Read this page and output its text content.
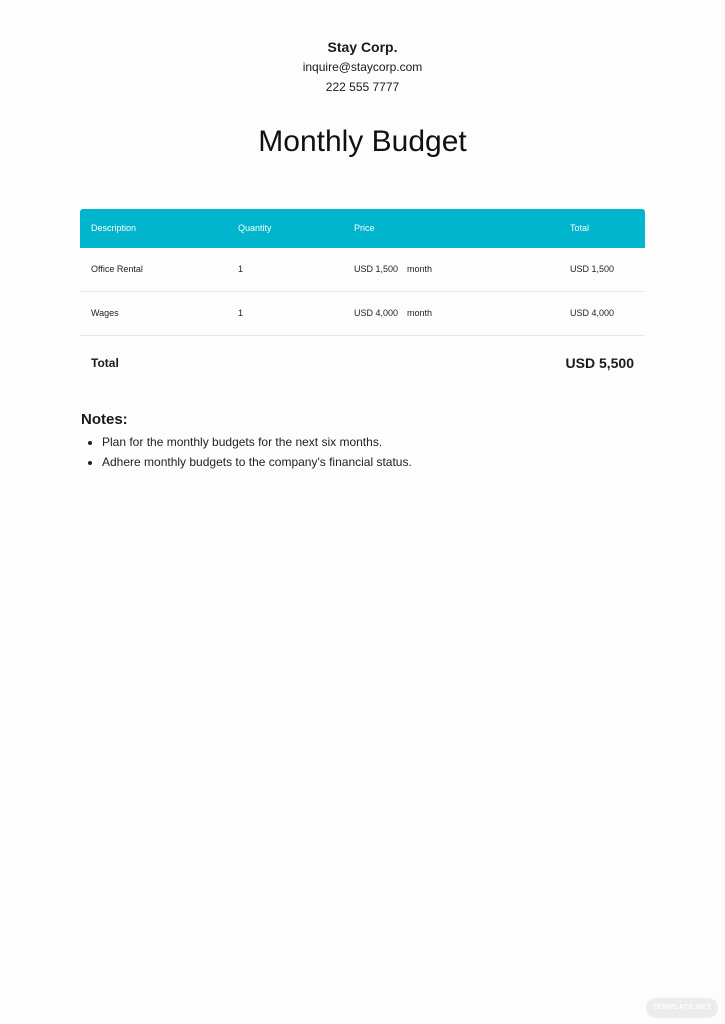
Stay Corp.

inquire@staycorp.com

222 555 7777

Monthly Budget
Description	Quantity	Price	Total
Office Rental	1	USD 1,500 month	USD 1,500
Wages	1	USD 4,000 month	USD 4,000
Total	USD 5,500

Notes:

• Plan for the monthly budgets for the next six months.
• Adhere monthly budgets to the company's financial status.
TEMPLATE.NET
